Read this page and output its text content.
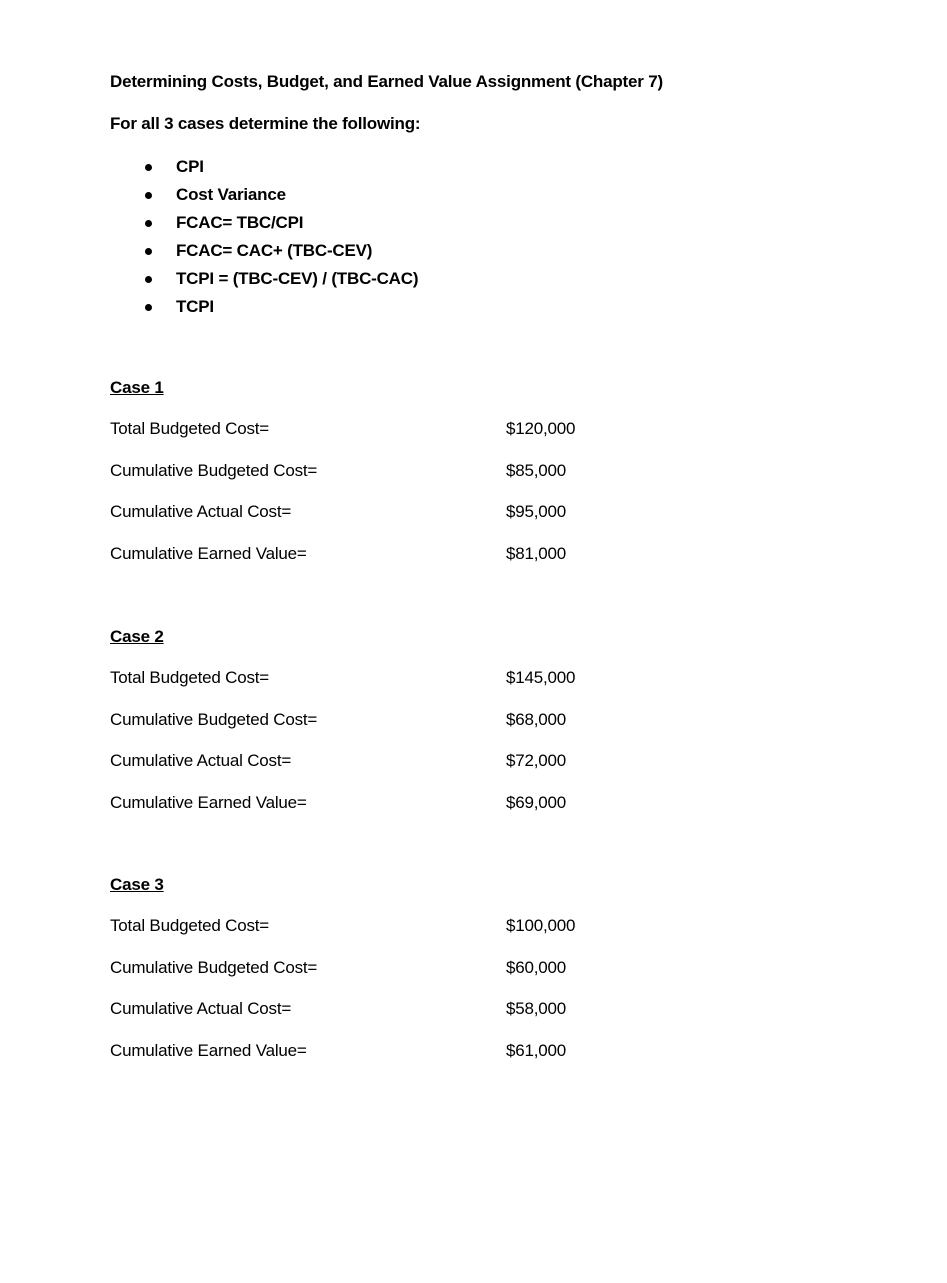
Determining Costs, Budget, and Earned Value Assignment (Chapter 7)
For all 3 cases determine the following:
CPI
Cost Variance
FCAC= TBC/CPI
FCAC= CAC+ (TBC-CEV)
TCPI = (TBC-CEV) / (TBC-CAC)
TCPI
Case 1
Total Budgeted Cost=	$120,000
Cumulative Budgeted Cost=	$85,000
Cumulative Actual Cost=	$95,000
Cumulative Earned Value=	$81,000
Case 2
Total Budgeted Cost=	$145,000
Cumulative Budgeted Cost=	$68,000
Cumulative Actual Cost=	$72,000
Cumulative Earned Value=	$69,000
Case 3
Total Budgeted Cost=	$100,000
Cumulative Budgeted Cost=	$60,000
Cumulative Actual Cost=	$58,000
Cumulative Earned Value=	$61,000
